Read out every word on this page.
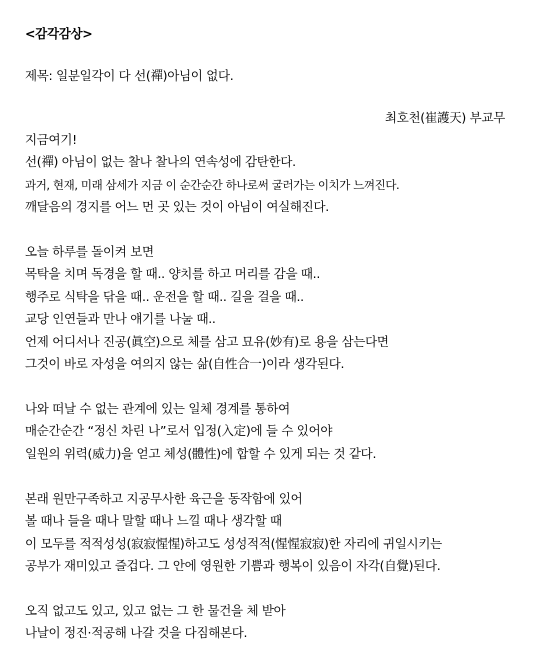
<감각감상>
제목: 일분일각이 다 선(禪)아님이 없다.
최호천(崔護天) 부교무
지금여기!
선(禪) 아님이 없는 찰나 찰나의 연속성에 감탄한다.
과거, 현재, 미래 삼세가 지금 이 순간순간 하나로써 굴러가는 이치가 느껴진다.
깨달음의 경지를 어느 먼 곳 있는 것이 아님이 여실해진다.
오늘 하루를 돌이켜 보면
목탁을 치며 독경을 할 때.. 양치를 하고 머리를 감을 때..
행주로 식탁을 닦을 때.. 운전을 할 때.. 길을 걸을 때..
교당 인연들과 만나 얘기를 나눌 때..
언제 어디서나 진공(眞空)으로 체를 삼고 묘유(妙有)로 용을 삼는다면
그것이 바로 자성을 여의지 않는 삶(自性合一)이라 생각된다.
나와 떠날 수 없는 관계에 있는 일체 경계를 통하여
매순간순간 “정신 차린 나”로서 입정(入定)에 들 수 있어야
일원의 위력(威力)을 얻고 체성(體性)에 합할 수 있게 되는 것 같다.
본래 원만구족하고 지공무사한 육근을 동작함에 있어
볼 때나 들을 때나 말할 때나 느낄 때나 생각할 때
이 모두를 적적성성(寂寂惺惺)하고도 성성적적(惺惺寂寂)한 자리에 귀일시키는
공부가 재미있고 즐겁다. 그 안에 영원한 기쁨과 행복이 있음이 자각(自覺)된다.
오직 없고도 있고, 있고 없는 그 한 물건을 체 받아
나날이 정진·적공해 나갈 것을 다짐해본다.
